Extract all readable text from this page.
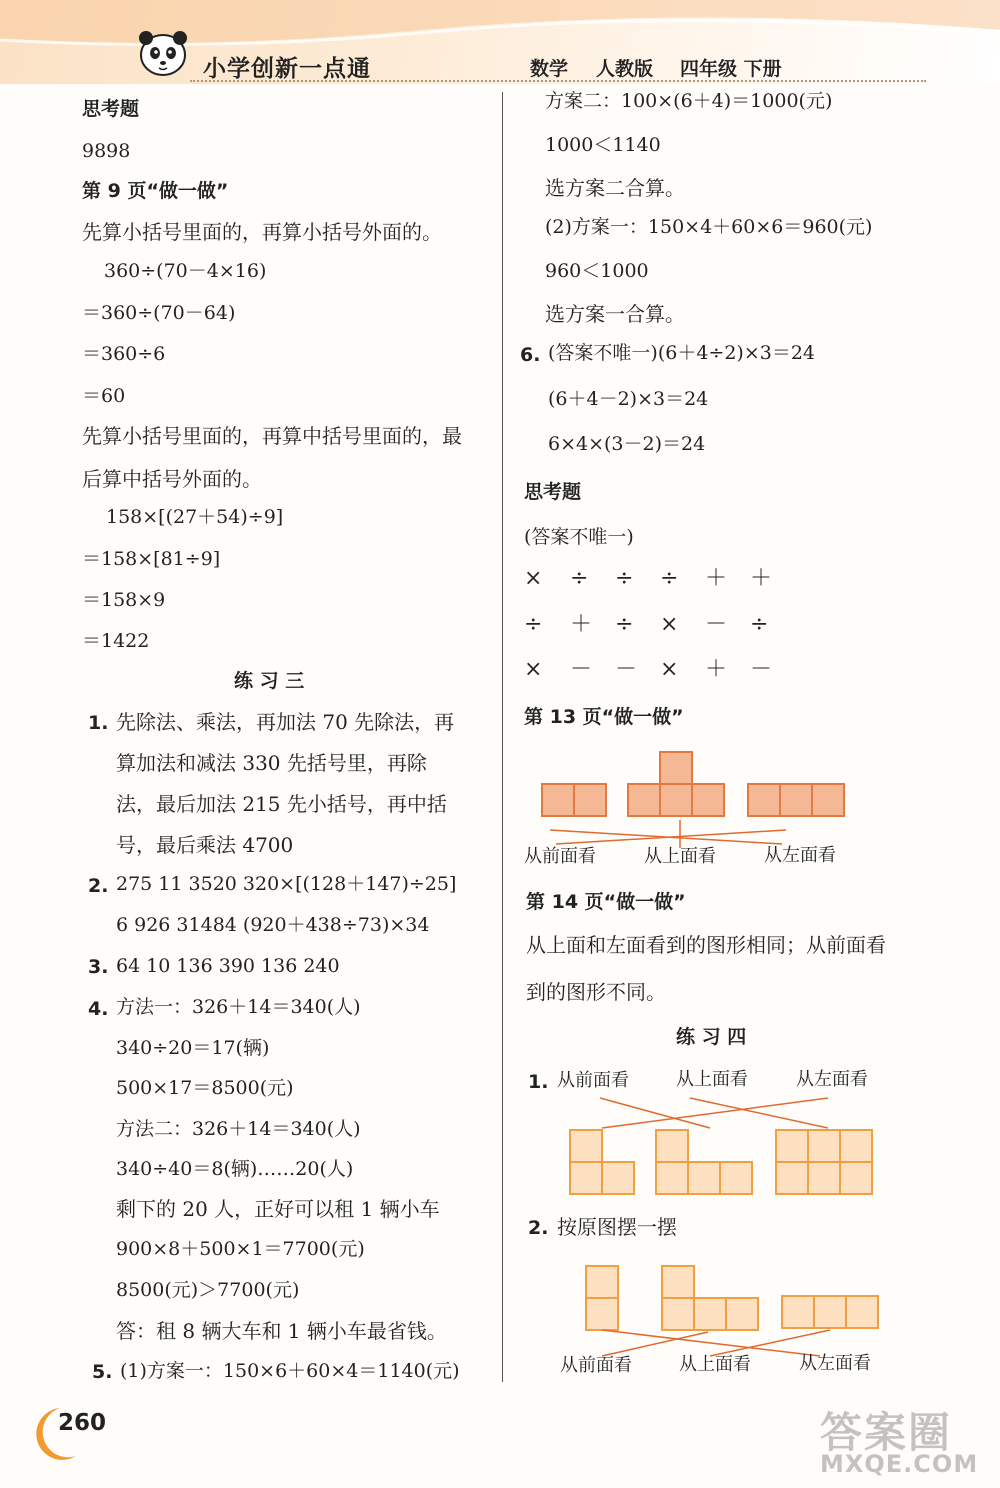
小学创新一点通	数学 人教版 四年级 下册
思考题
9898
第 9 页“做一做”
先算小括号里面的，再算小括号外面的。
360÷(70－4×16)
＝360÷(70－64)
＝360÷6
＝60
先算小括号里面的，再算中括号里面的，最
后算中括号外面的。
158×[(27＋54)÷9]
＝158×[81÷9]
＝158×9
＝1422
练 习 三
1. 先除法、乘法，再加法 70 先除法，再
算加法和减法 330 先括号里，再除
法，最后加法 215 先小括号，再中括
号，最后乘法 4700
2. 275 11 3520 320×[(128＋147)÷25]
6 926 31484 (920＋438÷73)×34
3. 64 10 136 390 136 240
4. 方法一：326＋14＝340(人)
340÷20＝17(辆)
500×17＝8500(元)
方法二：326＋14＝340(人)
340÷40＝8(辆)……20(人)
剩下的 20 人，正好可以租 1 辆小车
900×8＋500×1＝7700(元)
8500(元)＞7700(元)
答：租 8 辆大车和 1 辆小车最省钱。
5. (1)方案一：150×6＋60×4＝1140(元)
方案二：100×(6＋4)＝1000(元)
1000＜1140
选方案二合算。
(2)方案一：150×4＋60×6＝960(元)
960＜1000
选方案一合算。
6. (答案不唯一)(6＋4÷2)×3＝24
(6＋4－2)×3＝24
6×4×(3－2)＝24
思考题
(答案不唯一)
× ÷ ÷ ÷ ＋ ＋
÷ ＋ ÷ × － ÷
× － － × ＋ －
第 13 页“做一做”
从前面看	从上面看	从左面看
第 14 页“做一做”
从上面和左面看到的图形相同；从前面看
到的图形不同。
练 习 四
1. 从前面看	从上面看	从左面看
2. 按原图摆一摆
从前面看	从上面看	从左面看
260	答案圈
MXQE.COM
